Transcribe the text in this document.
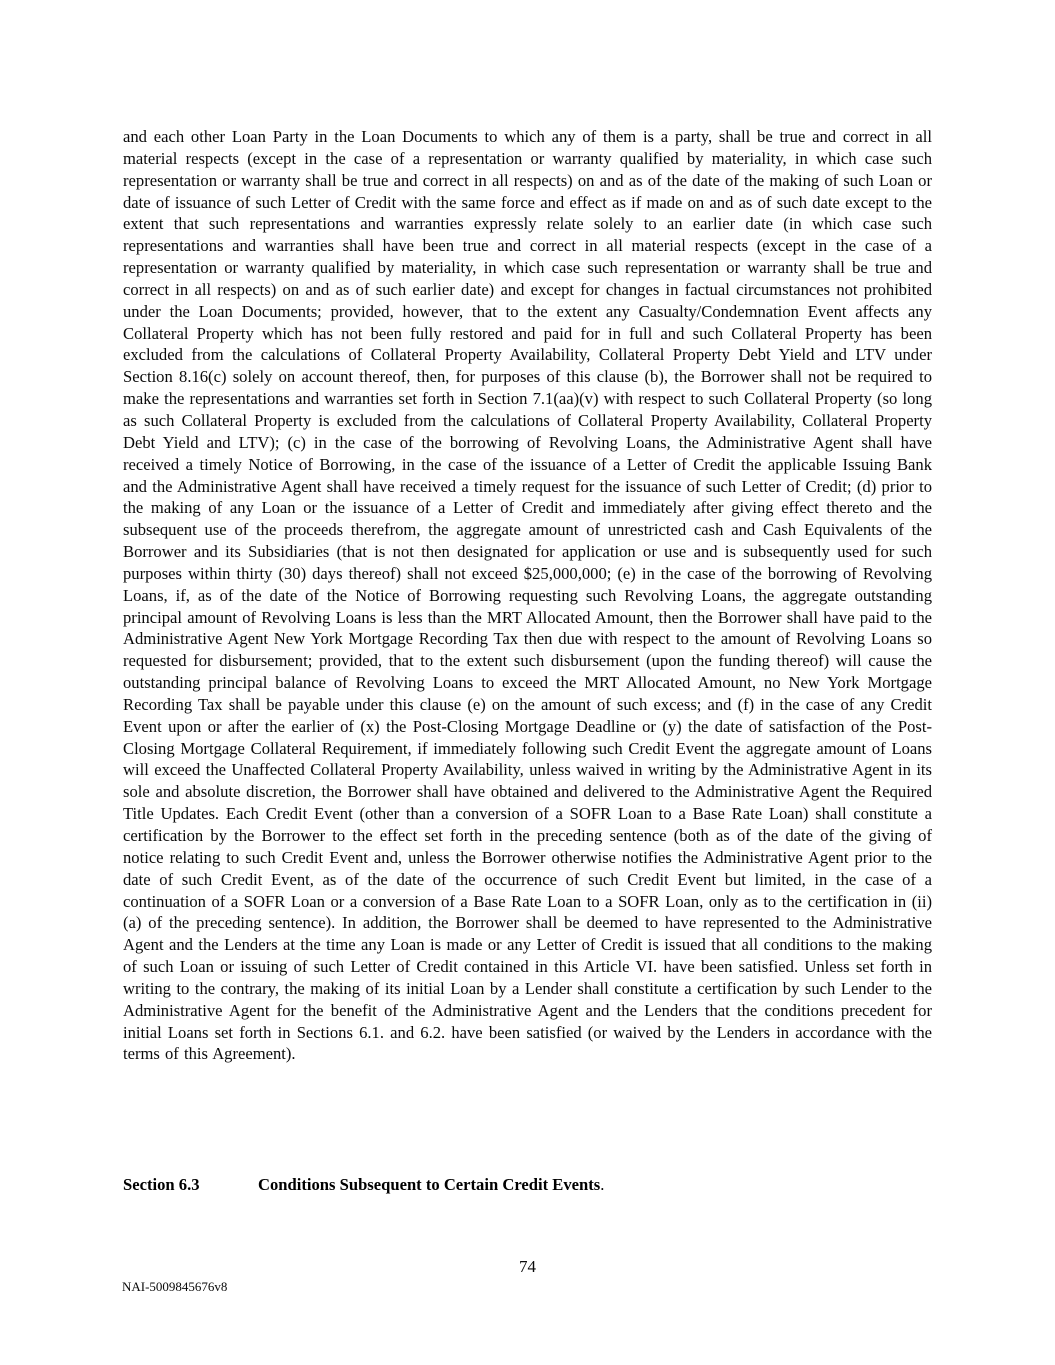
and each other Loan Party in the Loan Documents to which any of them is a party, shall be true and correct in all material respects (except in the case of a representation or warranty qualified by materiality, in which case such representation or warranty shall be true and correct in all respects) on and as of the date of the making of such Loan or date of issuance of such Letter of Credit with the same force and effect as if made on and as of such date except to the extent that such representations and warranties expressly relate solely to an earlier date (in which case such representations and warranties shall have been true and correct in all material respects (except in the case of a representation or warranty qualified by materiality, in which case such representation or warranty shall be true and correct in all respects) on and as of such earlier date) and except for changes in factual circumstances not prohibited under the Loan Documents; provided, however, that to the extent any Casualty/Condemnation Event affects any Collateral Property which has not been fully restored and paid for in full and such Collateral Property has been excluded from the calculations of Collateral Property Availability, Collateral Property Debt Yield and LTV under Section 8.16(c) solely on account thereof, then, for purposes of this clause (b), the Borrower shall not be required to make the representations and warranties set forth in Section 7.1(aa)(v) with respect to such Collateral Property (so long as such Collateral Property is excluded from the calculations of Collateral Property Availability, Collateral Property Debt Yield and LTV); (c) in the case of the borrowing of Revolving Loans, the Administrative Agent shall have received a timely Notice of Borrowing, in the case of the issuance of a Letter of Credit the applicable Issuing Bank and the Administrative Agent shall have received a timely request for the issuance of such Letter of Credit; (d) prior to the making of any Loan or the issuance of a Letter of Credit and immediately after giving effect thereto and the subsequent use of the proceeds therefrom, the aggregate amount of unrestricted cash and Cash Equivalents of the Borrower and its Subsidiaries (that is not then designated for application or use and is subsequently used for such purposes within thirty (30) days thereof) shall not exceed $25,000,000; (e) in the case of the borrowing of Revolving Loans, if, as of the date of the Notice of Borrowing requesting such Revolving Loans, the aggregate outstanding principal amount of Revolving Loans is less than the MRT Allocated Amount, then the Borrower shall have paid to the Administrative Agent New York Mortgage Recording Tax then due with respect to the amount of Revolving Loans so requested for disbursement; provided, that to the extent such disbursement (upon the funding thereof) will cause the outstanding principal balance of Revolving Loans to exceed the MRT Allocated Amount, no New York Mortgage Recording Tax shall be payable under this clause (e) on the amount of such excess; and (f) in the case of any Credit Event upon or after the earlier of (x) the Post-Closing Mortgage Deadline or (y) the date of satisfaction of the Post-Closing Mortgage Collateral Requirement, if immediately following such Credit Event the aggregate amount of Loans will exceed the Unaffected Collateral Property Availability, unless waived in writing by the Administrative Agent in its sole and absolute discretion, the Borrower shall have obtained and delivered to the Administrative Agent the Required Title Updates. Each Credit Event (other than a conversion of a SOFR Loan to a Base Rate Loan) shall constitute a certification by the Borrower to the effect set forth in the preceding sentence (both as of the date of the giving of notice relating to such Credit Event and, unless the Borrower otherwise notifies the Administrative Agent prior to the date of such Credit Event, as of the date of the occurrence of such Credit Event but limited, in the case of a continuation of a SOFR Loan or a conversion of a Base Rate Loan to a SOFR Loan, only as to the certification in (ii)(a) of the preceding sentence). In addition, the Borrower shall be deemed to have represented to the Administrative Agent and the Lenders at the time any Loan is made or any Letter of Credit is issued that all conditions to the making of such Loan or issuing of such Letter of Credit contained in this Article VI. have been satisfied. Unless set forth in writing to the contrary, the making of its initial Loan by a Lender shall constitute a certification by such Lender to the Administrative Agent for the benefit of the Administrative Agent and the Lenders that the conditions precedent for initial Loans set forth in Sections 6.1. and 6.2. have been satisfied (or waived by the Lenders in accordance with the terms of this Agreement).
Section 6.3	Conditions Subsequent to Certain Credit Events.
74
NAI-5009845676v8
